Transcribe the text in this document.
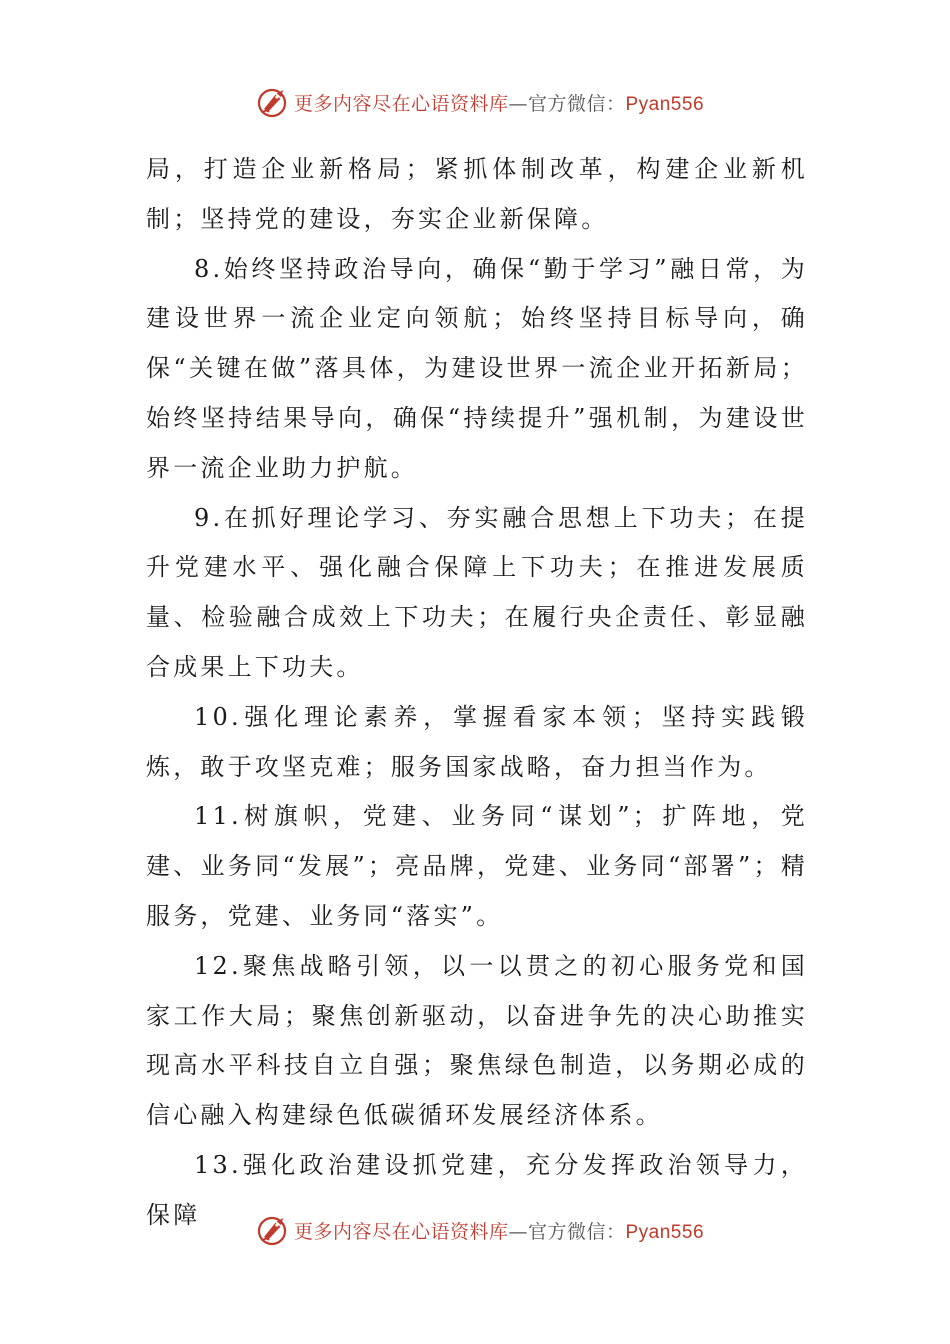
更多内容尽在心语资料库—官方微信：Pyan556

局，打造企业新格局；紧抓体制改革，构建企业新机制；坚持党的建设，夯实企业新保障。

8.始终坚持政治导向，确保“勤于学习”融日常，为建设世界一流企业定向领航；始终坚持目标导向，确保“关键在做”落具体，为建设世界一流企业开拓新局；始终坚持结果导向，确保“持续提升”强机制，为建设世界一流企业助力护航。

9.在抓好理论学习、夯实融合思想上下功夫；在提升党建水平、强化融合保障上下功夫；在推进发展质量、检验融合成效上下功夫；在履行央企责任、彰显融合成果上下功夫。

10.强化理论素养，掌握看家本领；坚持实践锻炼，敢于攻坚克难；服务国家战略，奋力担当作为。

11.树旗帜，党建、业务同“谋划”；扩阵地，党建、业务同“发展”；亮品牌，党建、业务同“部署”；精服务，党建、业务同“落实”。

12.聚焦战略引领，以一以贯之的初心服务党和国家工作大局；聚焦创新驱动，以奋进争先的决心助推实现高水平科技自立自强；聚焦绿色制造，以务期必成的信心融入构建绿色低碳循环发展经济体系。

13.强化政治建设抓党建，充分发挥政治领导力，保障

更多内容尽在心语资料库—官方微信：Pyan556
